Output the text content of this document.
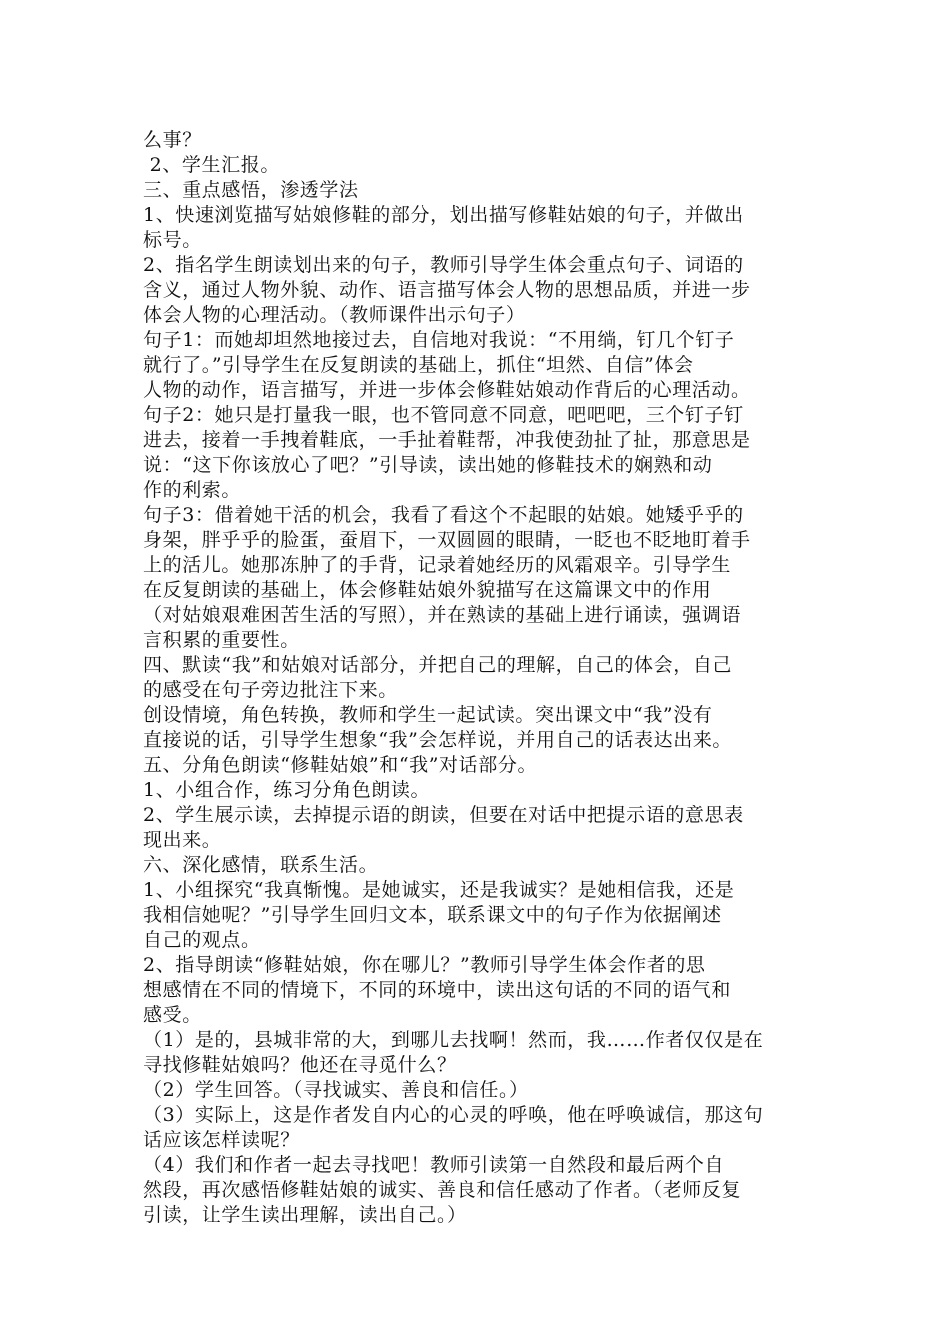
么事？

2、学生汇报。

三、重点感悟，渗透学法

1、快速浏览描写姑娘修鞋的部分，划出描写修鞋姑娘的句子，并做出

标号。

2、指名学生朗读划出来的句子，教师引导学生体会重点句子、词语的

含义，通过人物外貌、动作、语言描写体会人物的思想品质，并进一步

体会人物的心理活动。（教师课件出示句子）

句子1：而她却坦然地接过去，自信地对我说：“不用绱，钉几个钉子

就行了。”引导学生在反复朗读的基础上，抓住“坦然、自信”体会

人物的动作，语言描写，并进一步体会修鞋姑娘动作背后的心理活动。

句子2：她只是打量我一眼，也不管同意不同意，吧吧吧，三个钉子钉

进去，接着一手拽着鞋底，一手扯着鞋帮，冲我使劲扯了扯，那意思是

说：“这下你该放心了吧？”引导读，读出她的修鞋技术的娴熟和动

作的利索。

句子3：借着她干活的机会，我看了看这个不起眼的姑娘。她矮乎乎的

身架，胖乎乎的脸蛋，蚕眉下，一双圆圆的眼睛，一眨也不眨地盯着手

上的活儿。她那冻肿了的手背，记录着她经历的风霜艰辛。引导学生

在反复朗读的基础上，体会修鞋姑娘外貌描写在这篇课文中的作用

（对姑娘艰难困苦生活的写照），并在熟读的基础上进行诵读，强调语

言积累的重要性。

四、默读“我”和姑娘对话部分，并把自己的理解，自己的体会，自己

的感受在句子旁边批注下来。

创设情境，角色转换，教师和学生一起试读。突出课文中“我”没有

直接说的话，引导学生想象“我”会怎样说，并用自己的话表达出来。

五、分角色朗读“修鞋姑娘”和“我”对话部分。

1、小组合作，练习分角色朗读。

2、学生展示读，去掉提示语的朗读，但要在对话中把提示语的意思表

现出来。

六、深化感情，联系生活。

1、小组探究“我真惭愧。是她诚实，还是我诚实？是她相信我，还是

我相信她呢？”引导学生回归文本，联系课文中的句子作为依据阐述

自己的观点。

2、指导朗读“修鞋姑娘，你在哪儿？”教师引导学生体会作者的思

想感情在不同的情境下，不同的环境中，读出这句话的不同的语气和

感受。

（1）是的，县城非常的大，到哪儿去找啊！然而，我……作者仅仅是在

寻找修鞋姑娘吗？他还在寻觅什么？

（2）学生回答。（寻找诚实、善良和信任。）

（3）实际上，这是作者发自内心的心灵的呼唤，他在呼唤诚信，那这句

话应该怎样读呢？

（4）我们和作者一起去寻找吧！教师引读第一自然段和最后两个自

然段，再次感悟修鞋姑娘的诚实、善良和信任感动了作者。（老师反复

引读，让学生读出理解，读出自己。）
